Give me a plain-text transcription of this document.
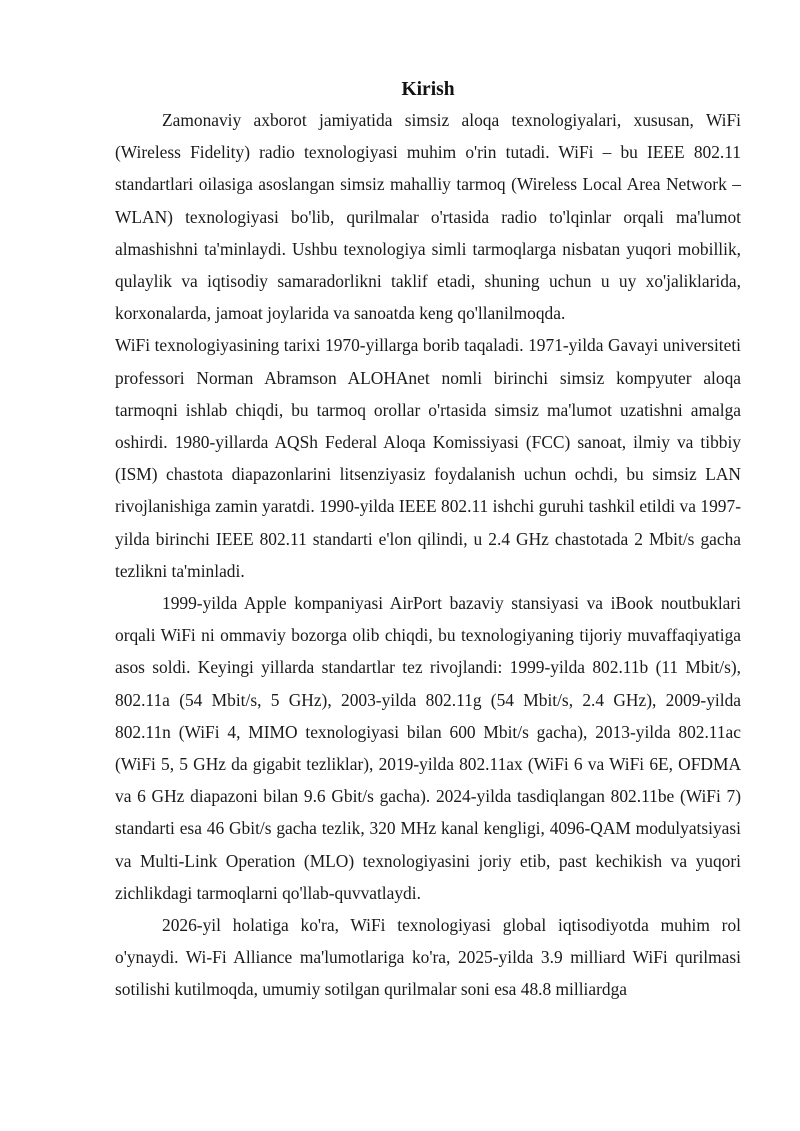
Kirish

Zamonaviy axborot jamiyatida simsiz aloqa texnologiyalari, xususan, WiFi (Wireless Fidelity) radio texnologiyasi muhim o'rin tutadi. WiFi – bu IEEE 802.11 standartlari oilasiga asoslangan simsiz mahalliy tarmoq (Wireless Local Area Network – WLAN) texnologiyasi bo'lib, qurilmalar o'rtasida radio to'lqinlar orqali ma'lumot almashishni ta'minlaydi. Ushbu texnologiya simli tarmoqlarga nisbatan yuqori mobillik, qulaylik va iqtisodiy samaradorlikni taklif etadi, shuning uchun u uy xo'jaliklarida, korxonalarda, jamoat joylarida va sanoatda keng qo'llanilmoqda.

WiFi texnologiyasining tarixi 1970-yillarga borib taqaladi. 1971-yilda Gavayi universiteti professori Norman Abramson ALOHAnet nomli birinchi simsiz kompyuter aloqa tarmoqni ishlab chiqdi, bu tarmoq orollar o'rtasida simsiz ma'lumot uzatishni amalga oshirdi. 1980-yillarda AQSh Federal Aloqa Komissiyasi (FCC) sanoat, ilmiy va tibbiy (ISM) chastota diapazonlarini litsenziyasiz foydalanish uchun ochdi, bu simsiz LAN rivojlanishiga zamin yaratdi. 1990-yilda IEEE 802.11 ishchi guruhi tashkil etildi va 1997-yilda birinchi IEEE 802.11 standarti e'lon qilindi, u 2.4 GHz chastotada 2 Mbit/s gacha tezlikni ta'minladi.

1999-yilda Apple kompaniyasi AirPort bazaviy stansiyasi va iBook noutbuklari orqali WiFi ni ommaviy bozorga olib chiqdi, bu texnologiyaning tijoriy muvaffaqiyatiga asos soldi. Keyingi yillarda standartlar tez rivojlandi: 1999-yilda 802.11b (11 Mbit/s), 802.11a (54 Mbit/s, 5 GHz), 2003-yilda 802.11g (54 Mbit/s, 2.4 GHz), 2009-yilda 802.11n (WiFi 4, MIMO texnologiyasi bilan 600 Mbit/s gacha), 2013-yilda 802.11ac (WiFi 5, 5 GHz da gigabit tezliklar), 2019-yilda 802.11ax (WiFi 6 va WiFi 6E, OFDMA va 6 GHz diapazoni bilan 9.6 Gbit/s gacha). 2024-yilda tasdiqlangan 802.11be (WiFi 7) standarti esa 46 Gbit/s gacha tezlik, 320 MHz kanal kengligi, 4096-QAM modulyatsiyasi va Multi-Link Operation (MLO) texnologiyasini joriy etib, past kechikish va yuqori zichlikdagi tarmoqlarni qo'llab-quvvatlaydi.

2026-yil holatiga ko'ra, WiFi texnologiyasi global iqtisodiyotda muhim rol o'ynaydi. Wi-Fi Alliance ma'lumotlariga ko'ra, 2025-yilda 3.9 milliard WiFi qurilmasi sotilishi kutilmoqda, umumiy sotilgan qurilmalar soni esa 48.8 milliardga
